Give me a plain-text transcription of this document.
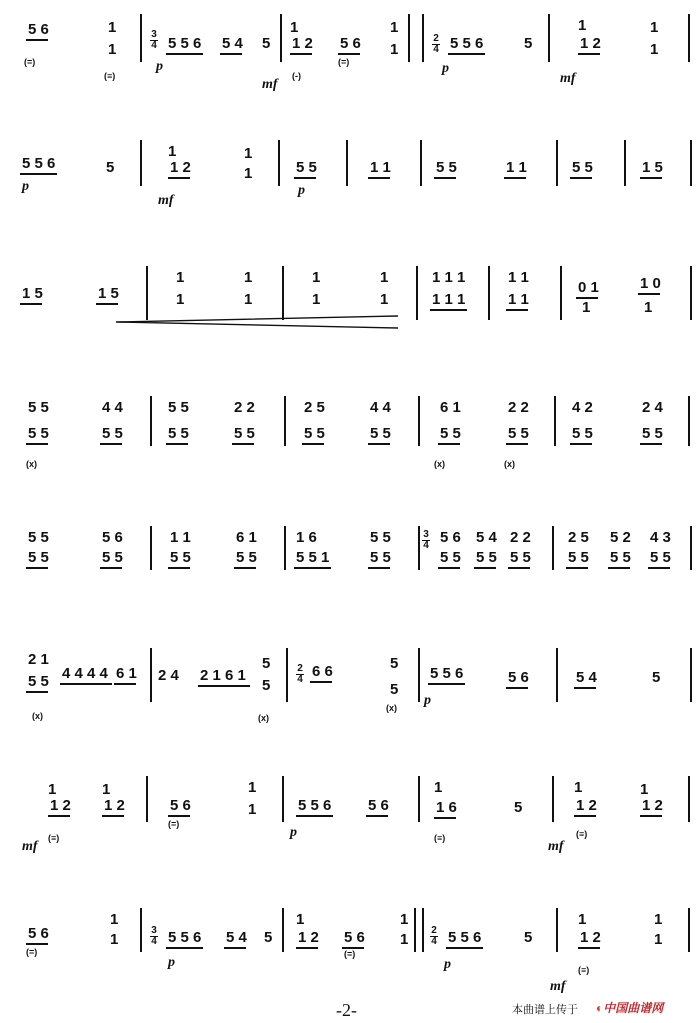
5 6
(=)
1
1
(≡)
3
4 5 5 6 5 4 5
p
1
1 2
mf
(-)
5 6
(=)
1
1
2
4 5 5 6	5
p
1
1 2
mf
1
1
5 5 6
p
5
1
1 2
mf
1
1	5 5
p
1 1	5 5	1 1	5 5	1 5
1 5	1 5
1
1
1
1
1
1
1
1
1 1 1
1 1 1
1 1
1 1
0 1
1
1 0
1
5 5
5 5
(x)
4 4
5 5
5 5
5 5
2 2
5 5
2 5
5 5
4 4
5 5
6 1
5 5
(x)
2 2
5 5
(x)
4 2
5 5
2 4
5 5
5 5
5 5
5 6
5 5
1 1
5 5
6 1
5 5
1 6
5 5 1
5 5
5 5
3
4 5 6
5 5
5 4
5 5
2 2
5 5
2 5
5 5
5 2
5 5
4 3
5 5
2 1
5 5
(x)
4 4 4 4 6 1 2 4 2 1 6 1
5
5
(x)
2
4 6 6	5
5
(x)
5 5 6
p
5 6	5 4	5
1
1 2
mf
(≡)
1 2
1
5 6
(=)
1
1	5 5 6
p
5 6
1
1 6
(≡)
5
1
1 2
mf
(≡)
1 2
1
5 6
(=)
1
1
3
4 5 5 6 5 4 5
p
1
1 2 5 6
(=)
1
1
2
4 5 5 6	5
p
1
1 2
mf
(≡)
1
1
-2-	本曲谱上传于 ◐中国曲谱网
